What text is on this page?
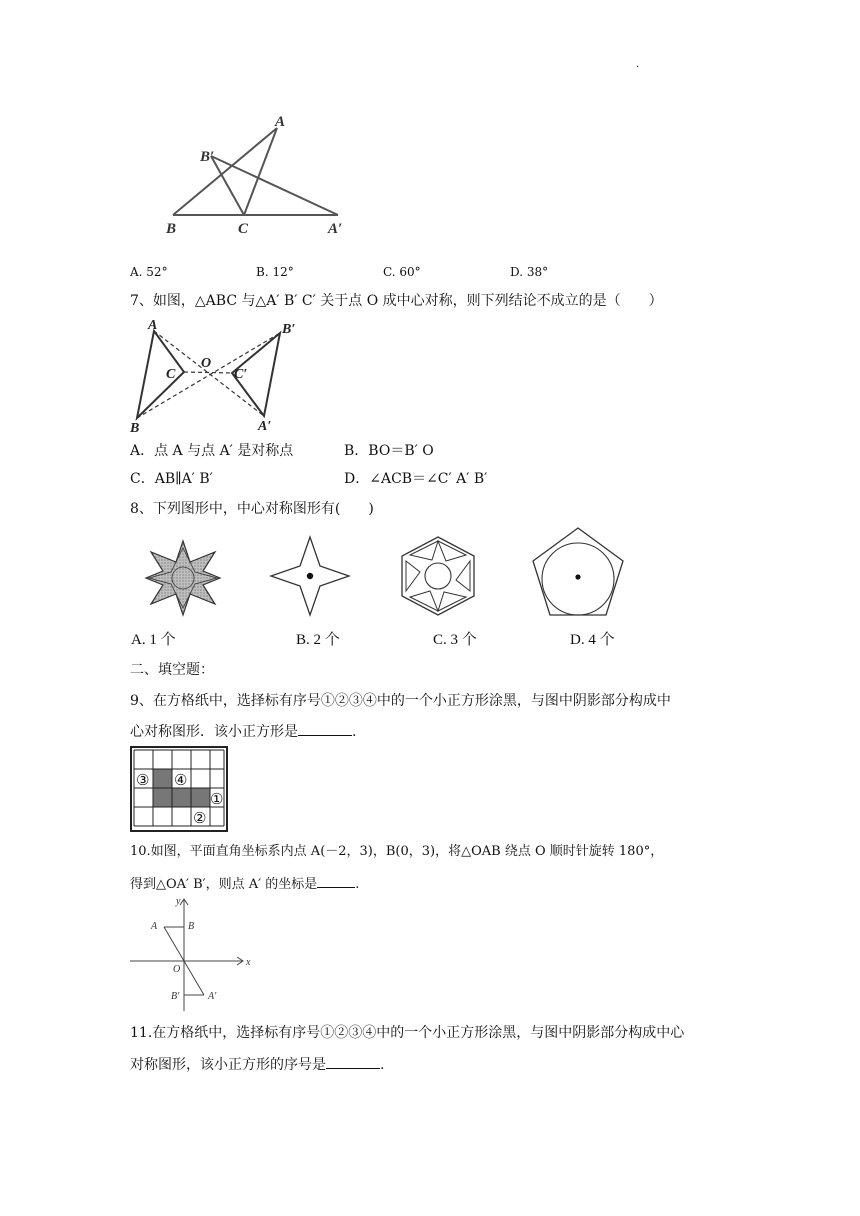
.
A
B′
B	C	A′
A. 52°	B. 12°	C. 60°	D. 38°
7、如图，△ABC 与△A′ B′ C′ 关于点 O 成中心对称，则下列结论不成立的是（　　）
A	B′
O
C	C′
B	A′
A．点 A 与点 A′ 是对称点	B．BO＝B′ O
C．AB∥A′ B′	D．∠ACB＝∠C′ A′ B′
8、下列图形中，中心对称图形有(　　)
A. 1 个	B. 2 个	C. 3 个	D. 4 个
二、填空题：
9、在方格纸中，选择标有序号①②③④中的一个小正方形涂黑，与图中阴影部分构成中
心对称图形．该小正方形是	.
③ ④
①
②
10.如图，平面直角坐标系内点 A(－2，3)，B(0，3)，将△OAB 绕点 O 顺时针旋转 180°，
得到△OA′ B′，则点 A′ 的坐标是	.
y
A	B
x
O
B′	A′
11.在方格纸中，选择标有序号①②③④中的一个小正方形涂黑，与图中阴影部分构成中心
对称图形，该小正方形的序号是	.
